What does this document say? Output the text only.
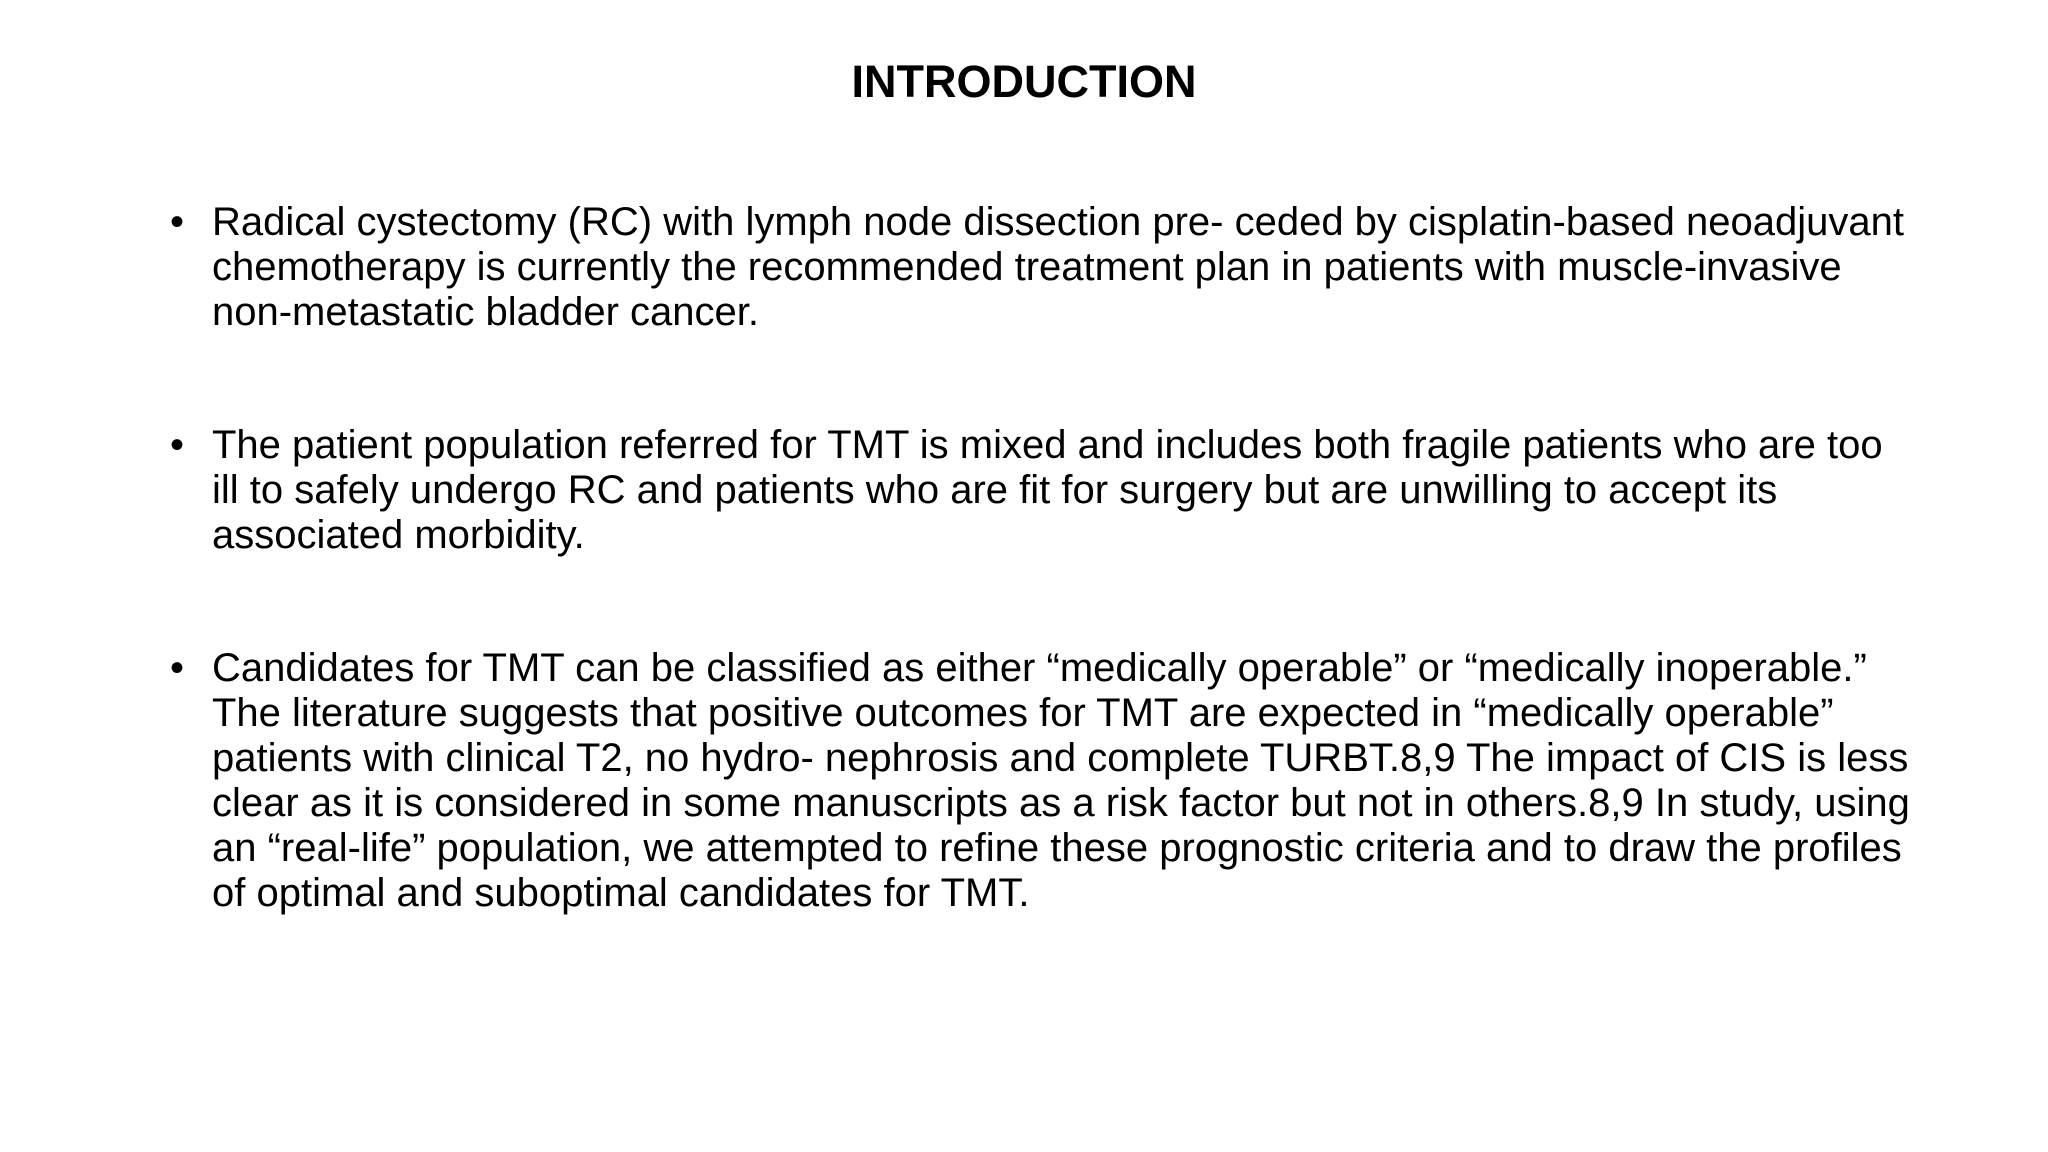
INTRODUCTION
• Radical cystectomy (RC) with lymph node dissection pre- ceded by cisplatin-based neoadjuvant chemotherapy is currently the recommended treatment plan in patients with muscle-invasive non-metastatic bladder cancer.
• The patient population referred for TMT is mixed and includes both fragile patients who are too ill to safely undergo RC and patients who are fit for surgery but are unwilling to accept its associated morbidity.
• Candidates for TMT can be classified as either “medically operable” or “medically inoperable.” The literature suggests that positive outcomes for TMT are expected in “medically operable” patients with clinical T2, no hydro- nephrosis and complete TURBT.8,9 The impact of CIS is less clear as it is considered in some manuscripts as a risk factor but not in others.8,9 In study, using an “real-life” population, we attempted to refine these prognostic criteria and to draw the profiles of optimal and suboptimal candidates for TMT.
